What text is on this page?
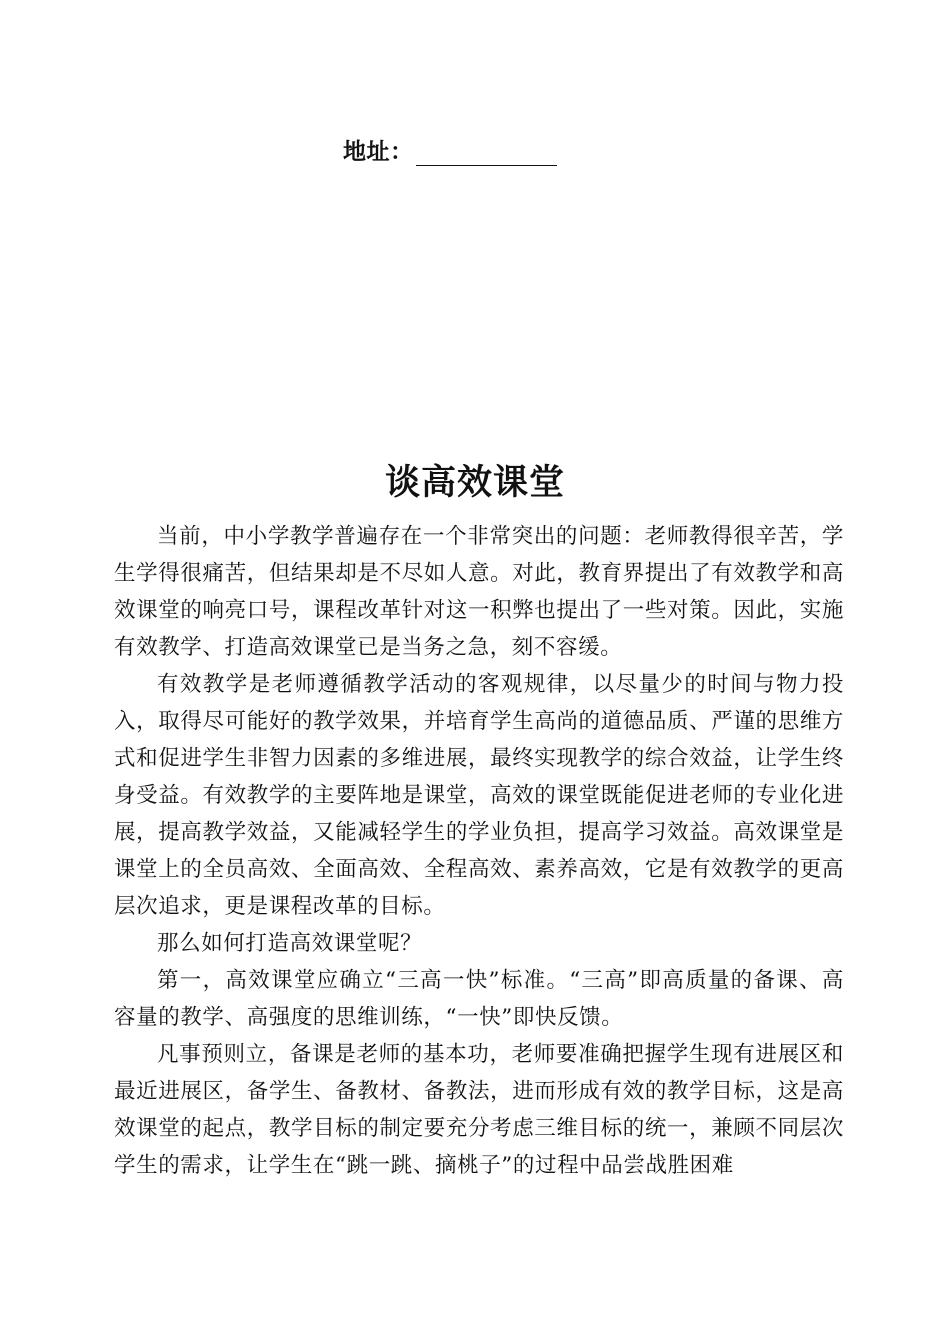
地址：
谈高效课堂

当前，中小学教学普遍存在一个非常突出的问题：老师教得很辛苦，学生学得很痛苦，但结果却是不尽如人意。对此，教育界提出了有效教学和高效课堂的响亮口号，课程改革针对这一积弊也提出了一些对策。因此，实施有效教学、打造高效课堂已是当务之急，刻不容缓。

有效教学是老师遵循教学活动的客观规律，以尽量少的时间与物力投入，取得尽可能好的教学效果，并培育学生高尚的道德品质、严谨的思维方式和促进学生非智力因素的多维进展，最终实现教学的综合效益，让学生终身受益。有效教学的主要阵地是课堂，高效的课堂既能促进老师的专业化进展，提高教学效益，又能减轻学生的学业负担，提高学习效益。高效课堂是课堂上的全员高效、全面高效、全程高效、素养高效，它是有效教学的更高层次追求，更是课程改革的目标。

那么如何打造高效课堂呢？

第一，高效课堂应确立“三高一快”标准。“三高”即高质量的备课、高容量的教学、高强度的思维训练，“一快”即快反馈。

凡事预则立，备课是老师的基本功，老师要准确把握学生现有进展区和最近进展区，备学生、备教材、备教法，进而形成有效的教学目标，这是高效课堂的起点，教学目标的制定要充分考虑三维目标的统一，兼顾不同层次学生的需求，让学生在“跳一跳、摘桃子”的过程中品尝战胜困难
